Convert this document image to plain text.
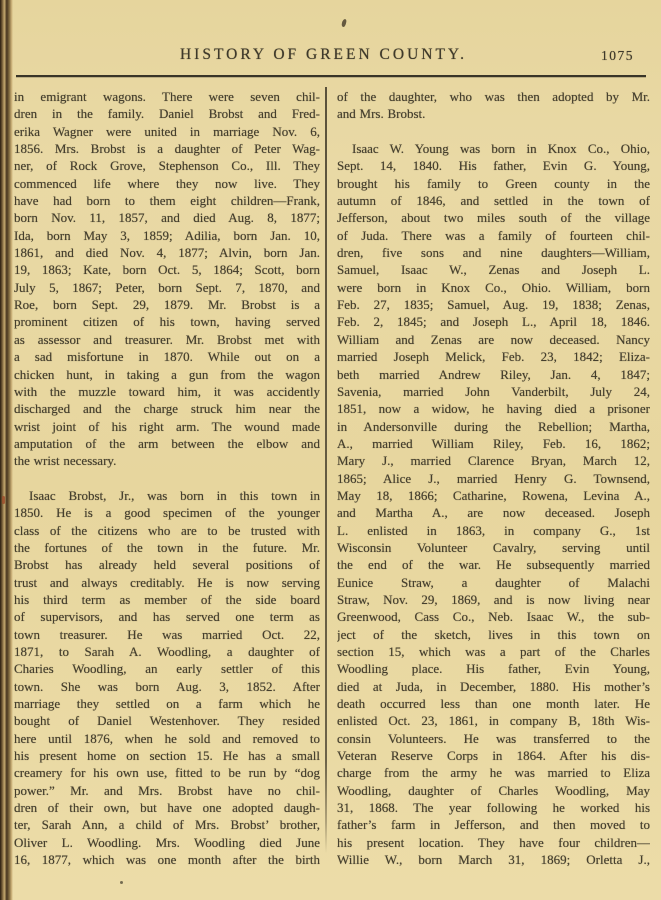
HISTORY OF GREEN COUNTY.	1075
in emigrant wagons. There were seven chil-
dren in the family. Daniel Brobst and Fred-
erika Wagner were united in marriage Nov. 6,
1856. Mrs. Brobst is a daughter of Peter Wag-
ner, of Rock Grove, Stephenson Co., Ill. They
commenced life where they now live. They
have had born to them eight children—Frank,
born Nov. 11, 1857, and died Aug. 8, 1877;
Ida, born May 3, 1859; Adilia, born Jan. 10,
1861, and died Nov. 4, 1877; Alvin, born Jan.
19, 1863; Kate, born Oct. 5, 1864; Scott, born
July 5, 1867; Peter, born Sept. 7, 1870, and
Roe, born Sept. 29, 1879. Mr. Brobst is a
prominent citizen of his town, having served
as assessor and treasurer. Mr. Brobst met with
a sad misfortune in 1870. While out on a
chicken hunt, in taking a gun from the wagon
with the muzzle toward him, it was accidently
discharged and the charge struck him near the
wrist joint of his right arm. The wound made
amputation of the arm between the elbow and
the wrist necessary.

Isaac Brobst, Jr., was born in this town in
1850. He is a good specimen of the younger
class of the citizens who are to be trusted with
the fortunes of the town in the future. Mr.
Brobst has already held several positions of
trust and always creditably. He is now serving
his third term as member of the side board
of supervisors, and has served one term as
town treasurer. He was married Oct. 22,
1871, to Sarah A. Woodling, a daughter of
Charies Woodling, an early settler of this
town. She was born Aug. 3, 1852. After
marriage they settled on a farm which he
bought of Daniel Westenhover. They resided
here until 1876, when he sold and removed to
his present home on section 15. He has a small
creamery for his own use, fitted to be run by “dog
power.” Mr. and Mrs. Brobst have no chil-
dren of their own, but have one adopted daugh-
ter, Sarah Ann, a child of Mrs. Brobst’ brother,
Oliver L. Woodling. Mrs. Woodling died June
16, 1877, which was one month after the birth
of the daughter, who was then adopted by Mr.
and Mrs. Brobst.

Isaac W. Young was born in Knox Co., Ohio,
Sept. 14, 1840. His father, Evin G. Young,
brought his family to Green county in the
autumn of 1846, and settled in the town of
Jefferson, about two miles south of the village
of Juda. There was a family of fourteen chil-
dren, five sons and nine daughters—William,
Samuel, Isaac W., Zenas and Joseph L.
were born in Knox Co., Ohio. William, born
Feb. 27, 1835; Samuel, Aug. 19, 1838; Zenas,
Feb. 2, 1845; and Joseph L., April 18, 1846.
William and Zenas are now deceased. Nancy
married Joseph Melick, Feb. 23, 1842; Eliza-
beth married Andrew Riley, Jan. 4, 1847;
Savenia, married John Vanderbilt, July 24,
1851, now a widow, he having died a prisoner
in Andersonville during the Rebellion; Martha,
A., married William Riley, Feb. 16, 1862;
Mary J., married Clarence Bryan, March 12,
1865; Alice J., married Henry G. Townsend,
May 18, 1866; Catharine, Rowena, Levina A.,
and Martha A., are now deceased. Joseph
L. enlisted in 1863, in company G., 1st
Wisconsin Volunteer Cavalry, serving until
the end of the war. He subsequently married
Eunice Straw, a daughter of Malachi
Straw, Nov. 29, 1869, and is now living near
Greenwood, Cass Co., Neb. Isaac W., the sub-
ject of the sketch, lives in this town on
section 15, which was a part of the Charles
Woodling place. His father, Evin Young,
died at Juda, in December, 1880. His mother’s
death occurred less than one month later. He
enlisted Oct. 23, 1861, in company B, 18th Wis-
consin Volunteers. He was transferred to the
Veteran Reserve Corps in 1864. After his dis-
charge from the army he was married to Eliza
Woodling, daughter of Charles Woodling, May
31, 1868. The year following he worked his
father’s farm in Jefferson, and then moved to
his present location. They have four children—
Willie W., born March 31, 1869; Orletta J.,
